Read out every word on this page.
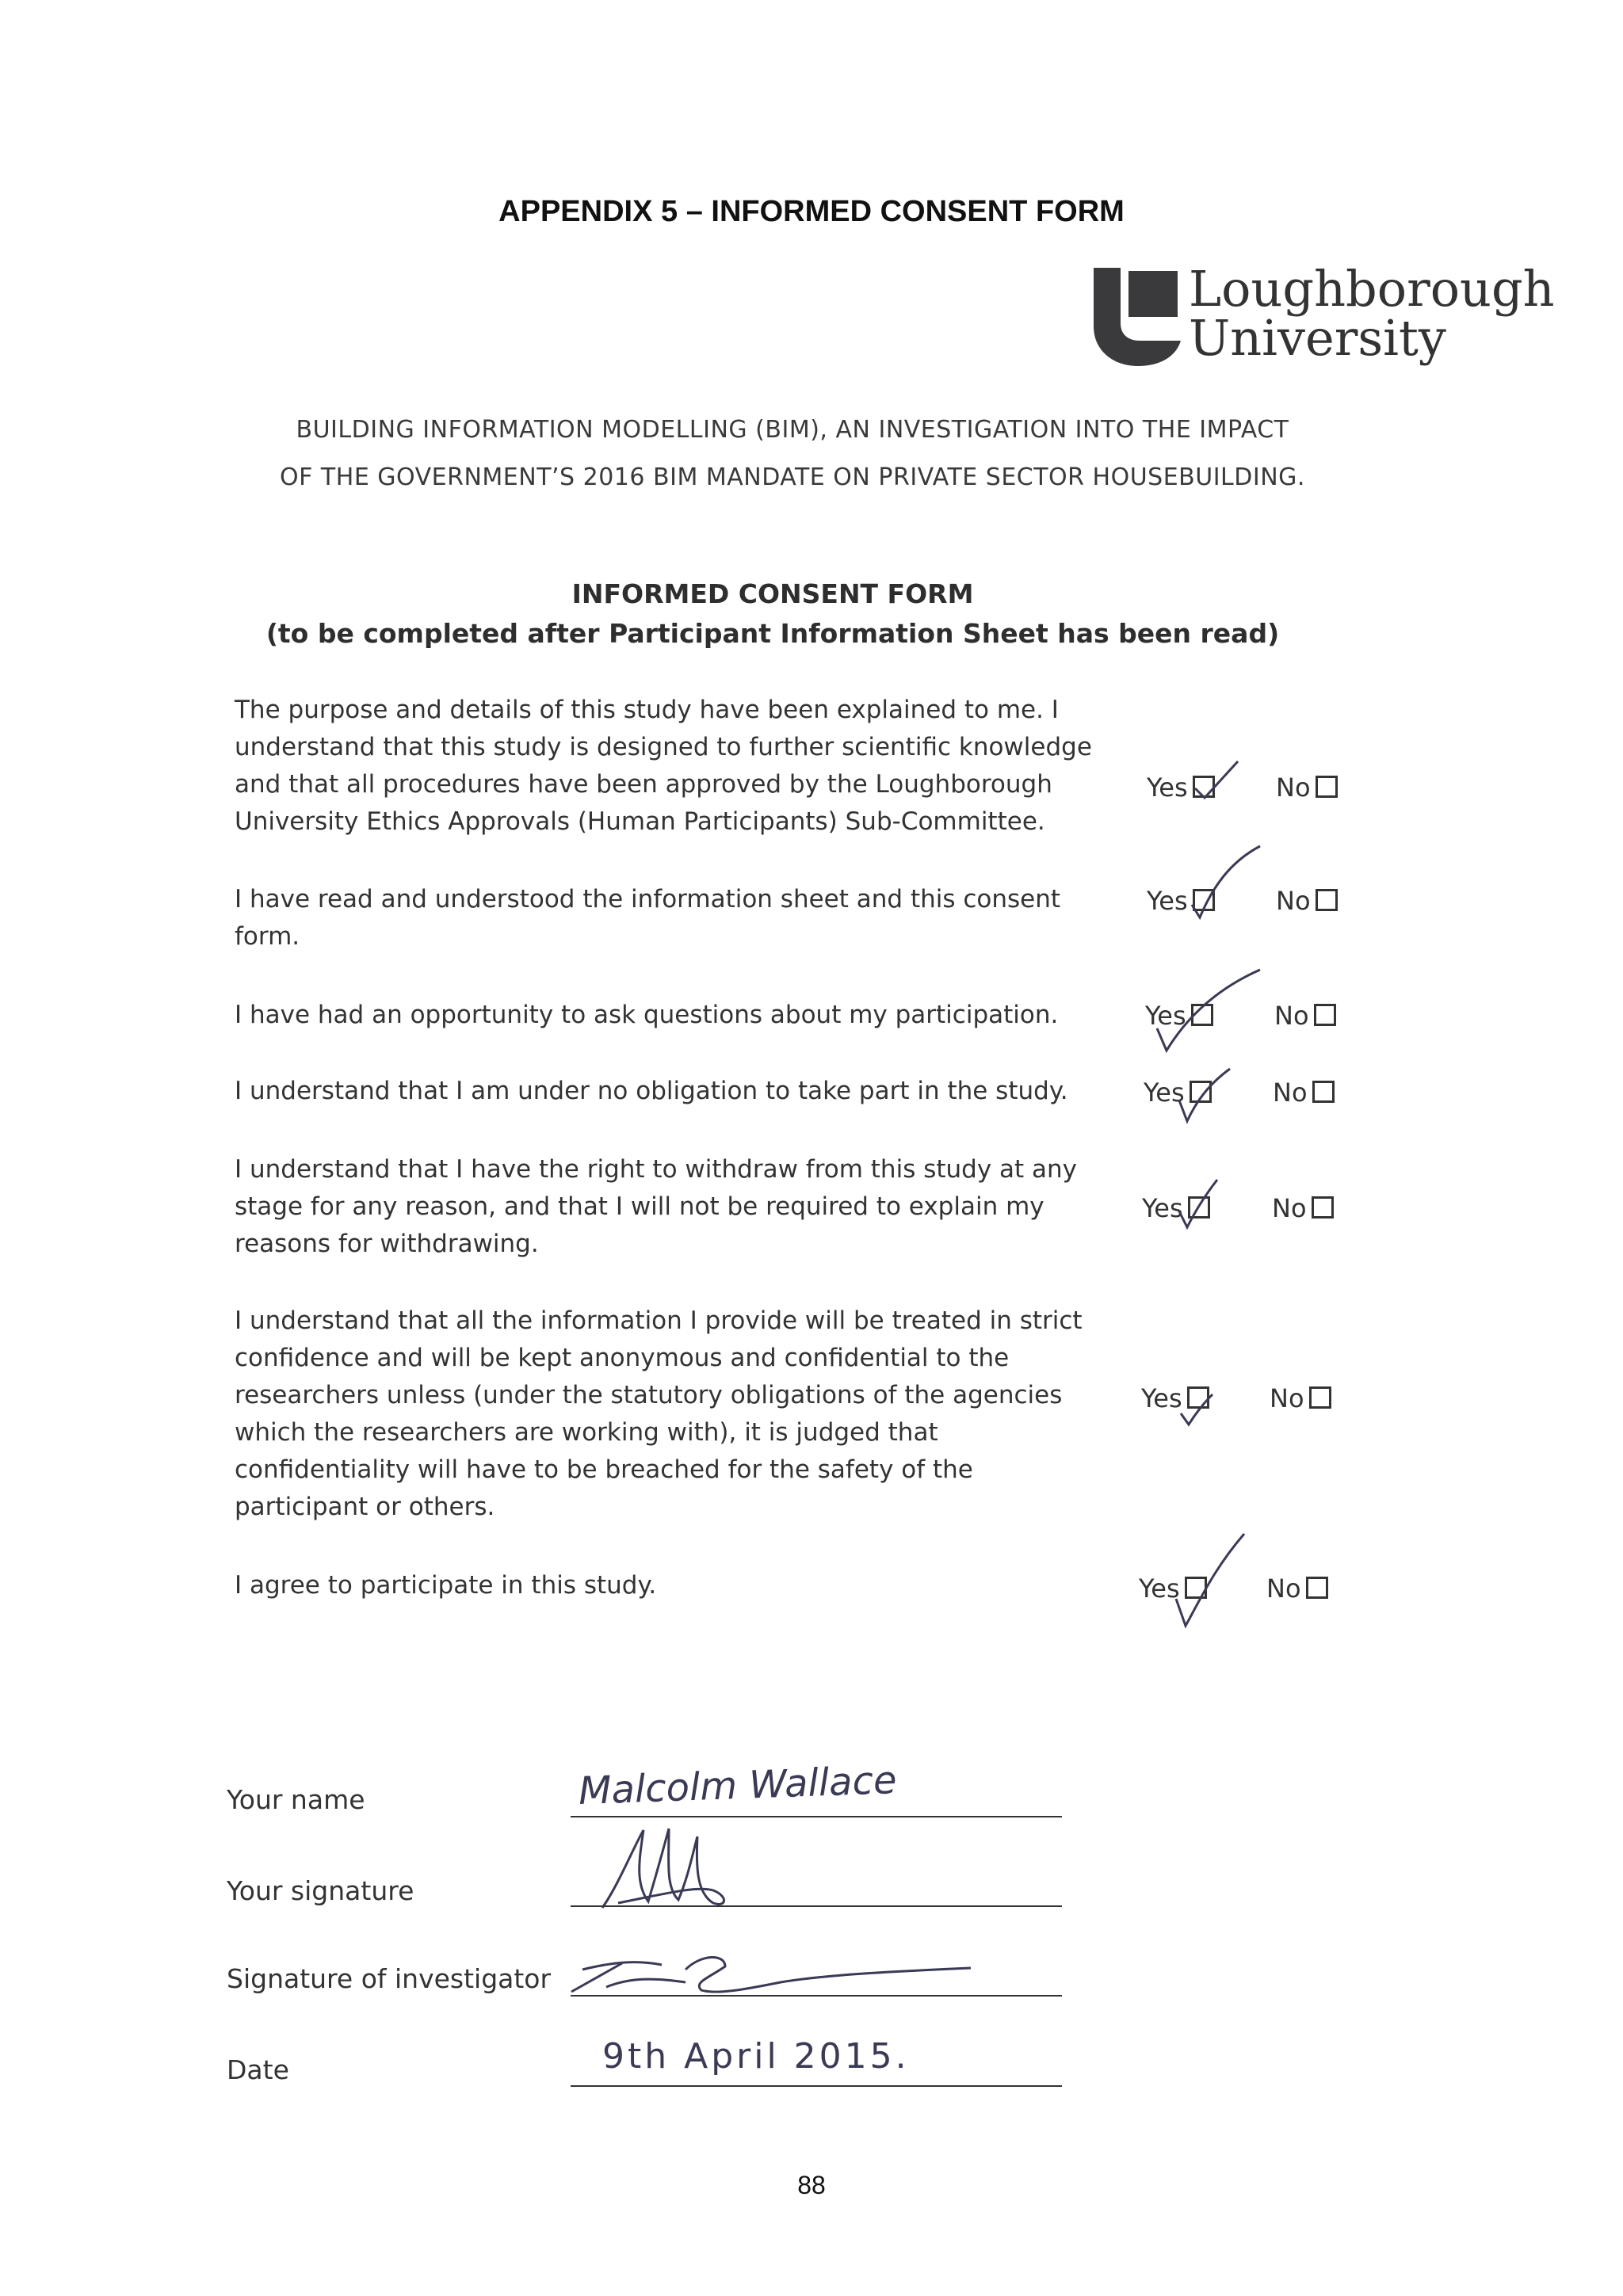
APPENDIX 5 – INFORMED CONSENT FORM
Loughborough
University
BUILDING INFORMATION MODELLING (BIM), AN INVESTIGATION INTO THE IMPACT
OF THE GOVERNMENT’S 2016 BIM MANDATE ON PRIVATE SECTOR HOUSEBUILDING.
INFORMED CONSENT FORM
(to be completed after Participant Information Sheet has been read)
The purpose and details of this study have been explained to me. I
understand that this study is designed to further scientific knowledge
and that all procedures have been approved by the Loughborough
University Ethics Approvals (Human Participants) Sub-Committee.
Yes	No
I have read and understood the information sheet and this consent
form.
Yes	No
I have had an opportunity to ask questions about my participation.	Yes	No
I understand that I am under no obligation to take part in the study.	Yes	No
I understand that I have the right to withdraw from this study at any
stage for any reason, and that I will not be required to explain my
reasons for withdrawing.
Yes	No
I understand that all the information I provide will be treated in strict
confidence and will be kept anonymous and confidential to the
researchers unless (under the statutory obligations of the agencies
which the researchers are working with), it is judged that
confidentiality will have to be breached for the safety of the
participant or others.
Yes	No
I agree to participate in this study.	Yes	No
Your name	Malcolm Wallace
Your signature
Signature of investigator
Date	9th April 2015.
88
